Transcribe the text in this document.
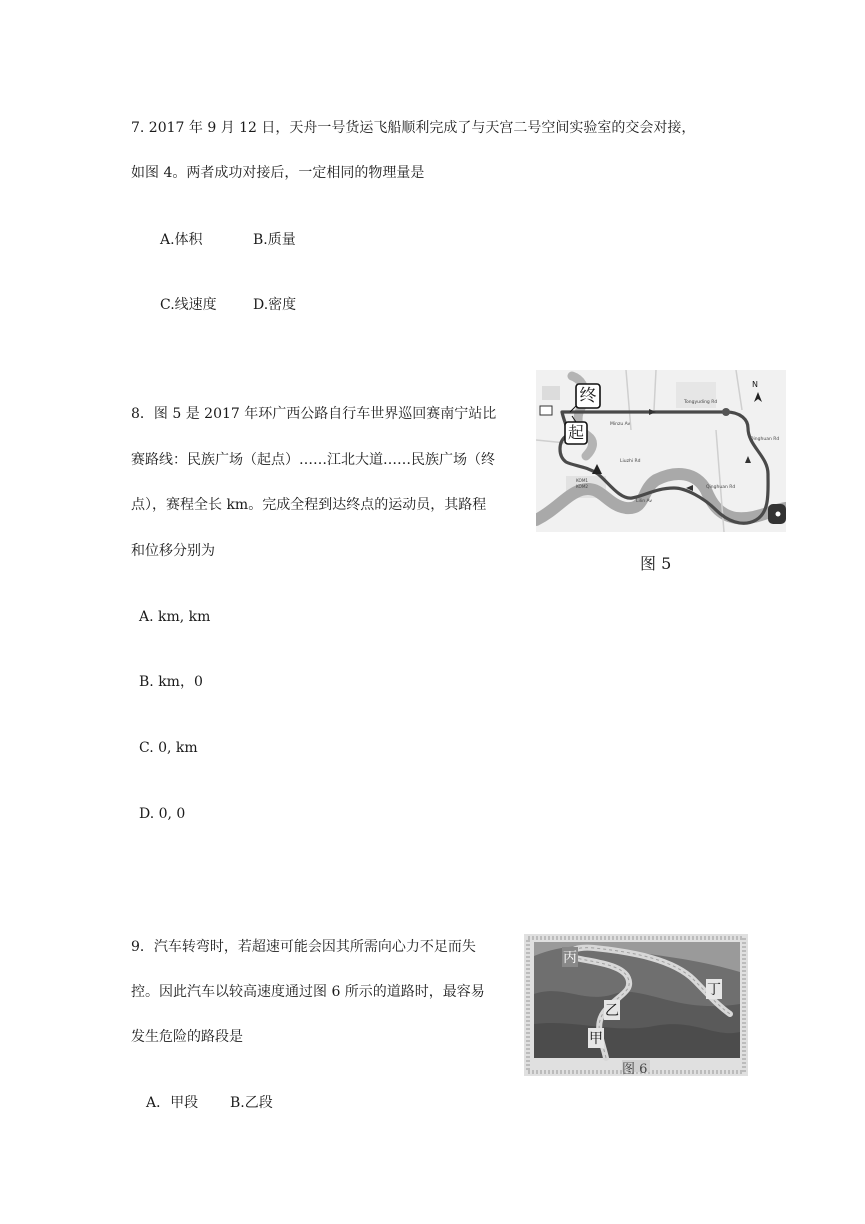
7. 2017 年 9 月 12 日，天舟一号货运飞船顺利完成了与天宫二号空间实验室的交会对接，
如图 4。两者成功对接后，一定相同的物理量是
A.体积	B.质量
C.线速度	D.密度
8．图 5 是 2017 年环广西公路自行车世界巡回赛南宁站比
赛路线：民族广场（起点）……江北大道……民族广场（终
点），赛程全长 km。完成全程到达终点的运动员，其路程
和位移分别为
Tongyuding Rd
Minzu Av
Qinghuan Rd
Qinghuan Rd
Liuzhi Rd
Lilin Av
KOM1
KOM2
终
起
N
图 5
A. km, km
B. km，0
C. 0, km
D. 0, 0
9．汽车转弯时，若超速可能会因其所需向心力不足而失
控。因此汽车以较高速度通过图 6 所示的道路时，最容易
发生危险的路段是
丙
乙
甲
丁
图 6
A．甲段 B.乙段
